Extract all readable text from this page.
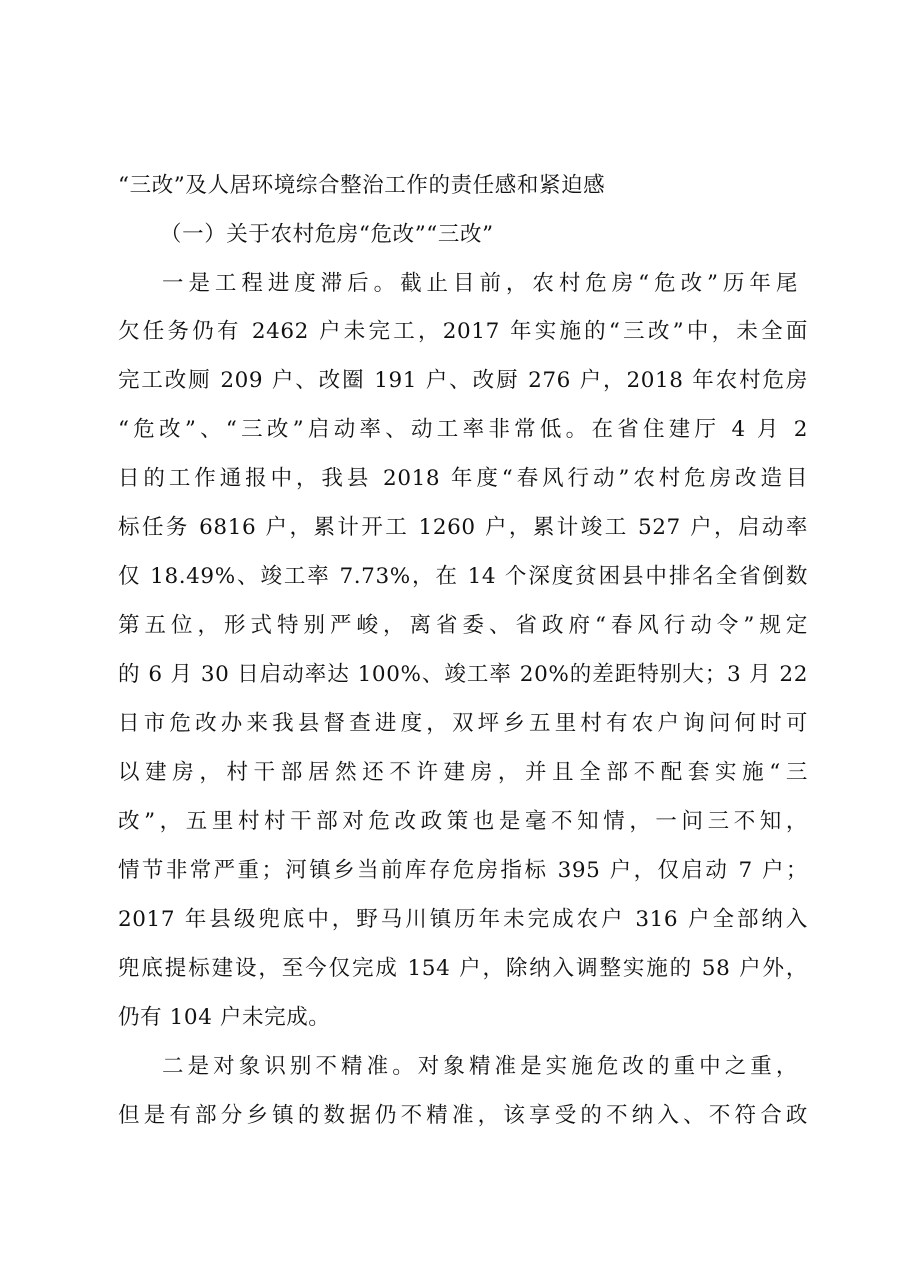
“三改”及人居环境综合整治工作的责任感和紧迫感
（一）关于农村危房“危改”“三改”
一是工程进度滞后。截止目前，农村危房“危改”历年尾
欠任务仍有 2462 户未完工，2017 年实施的“三改”中，未全面
完工改厕 209 户、改圈 191 户、改厨 276 户，2018 年农村危房
“危改”、“三改”启动率、动工率非常低。在省住建厅 4 月 2
日的工作通报中，我县 2018 年度“春风行动”农村危房改造目
标任务 6816 户，累计开工 1260 户，累计竣工 527 户，启动率
仅 18.49%、竣工率 7.73%，在 14 个深度贫困县中排名全省倒数
第五位，形式特别严峻，离省委、省政府“春风行动令”规定
的 6 月 30 日启动率达 100%、竣工率 20%的差距特别大；3 月 22
日市危改办来我县督查进度，双坪乡五里村有农户询问何时可
以建房，村干部居然还不许建房，并且全部不配套实施“三
改”，五里村村干部对危改政策也是毫不知情，一问三不知，
情节非常严重；河镇乡当前库存危房指标 395 户，仅启动 7 户；
2017 年县级兜底中，野马川镇历年未完成农户 316 户全部纳入
兜底提标建设，至今仅完成 154 户，除纳入调整实施的 58 户外，
仍有 104 户未完成。
二是对象识别不精准。对象精准是实施危改的重中之重，
但是有部分乡镇的数据仍不精准，该享受的不纳入、不符合政
